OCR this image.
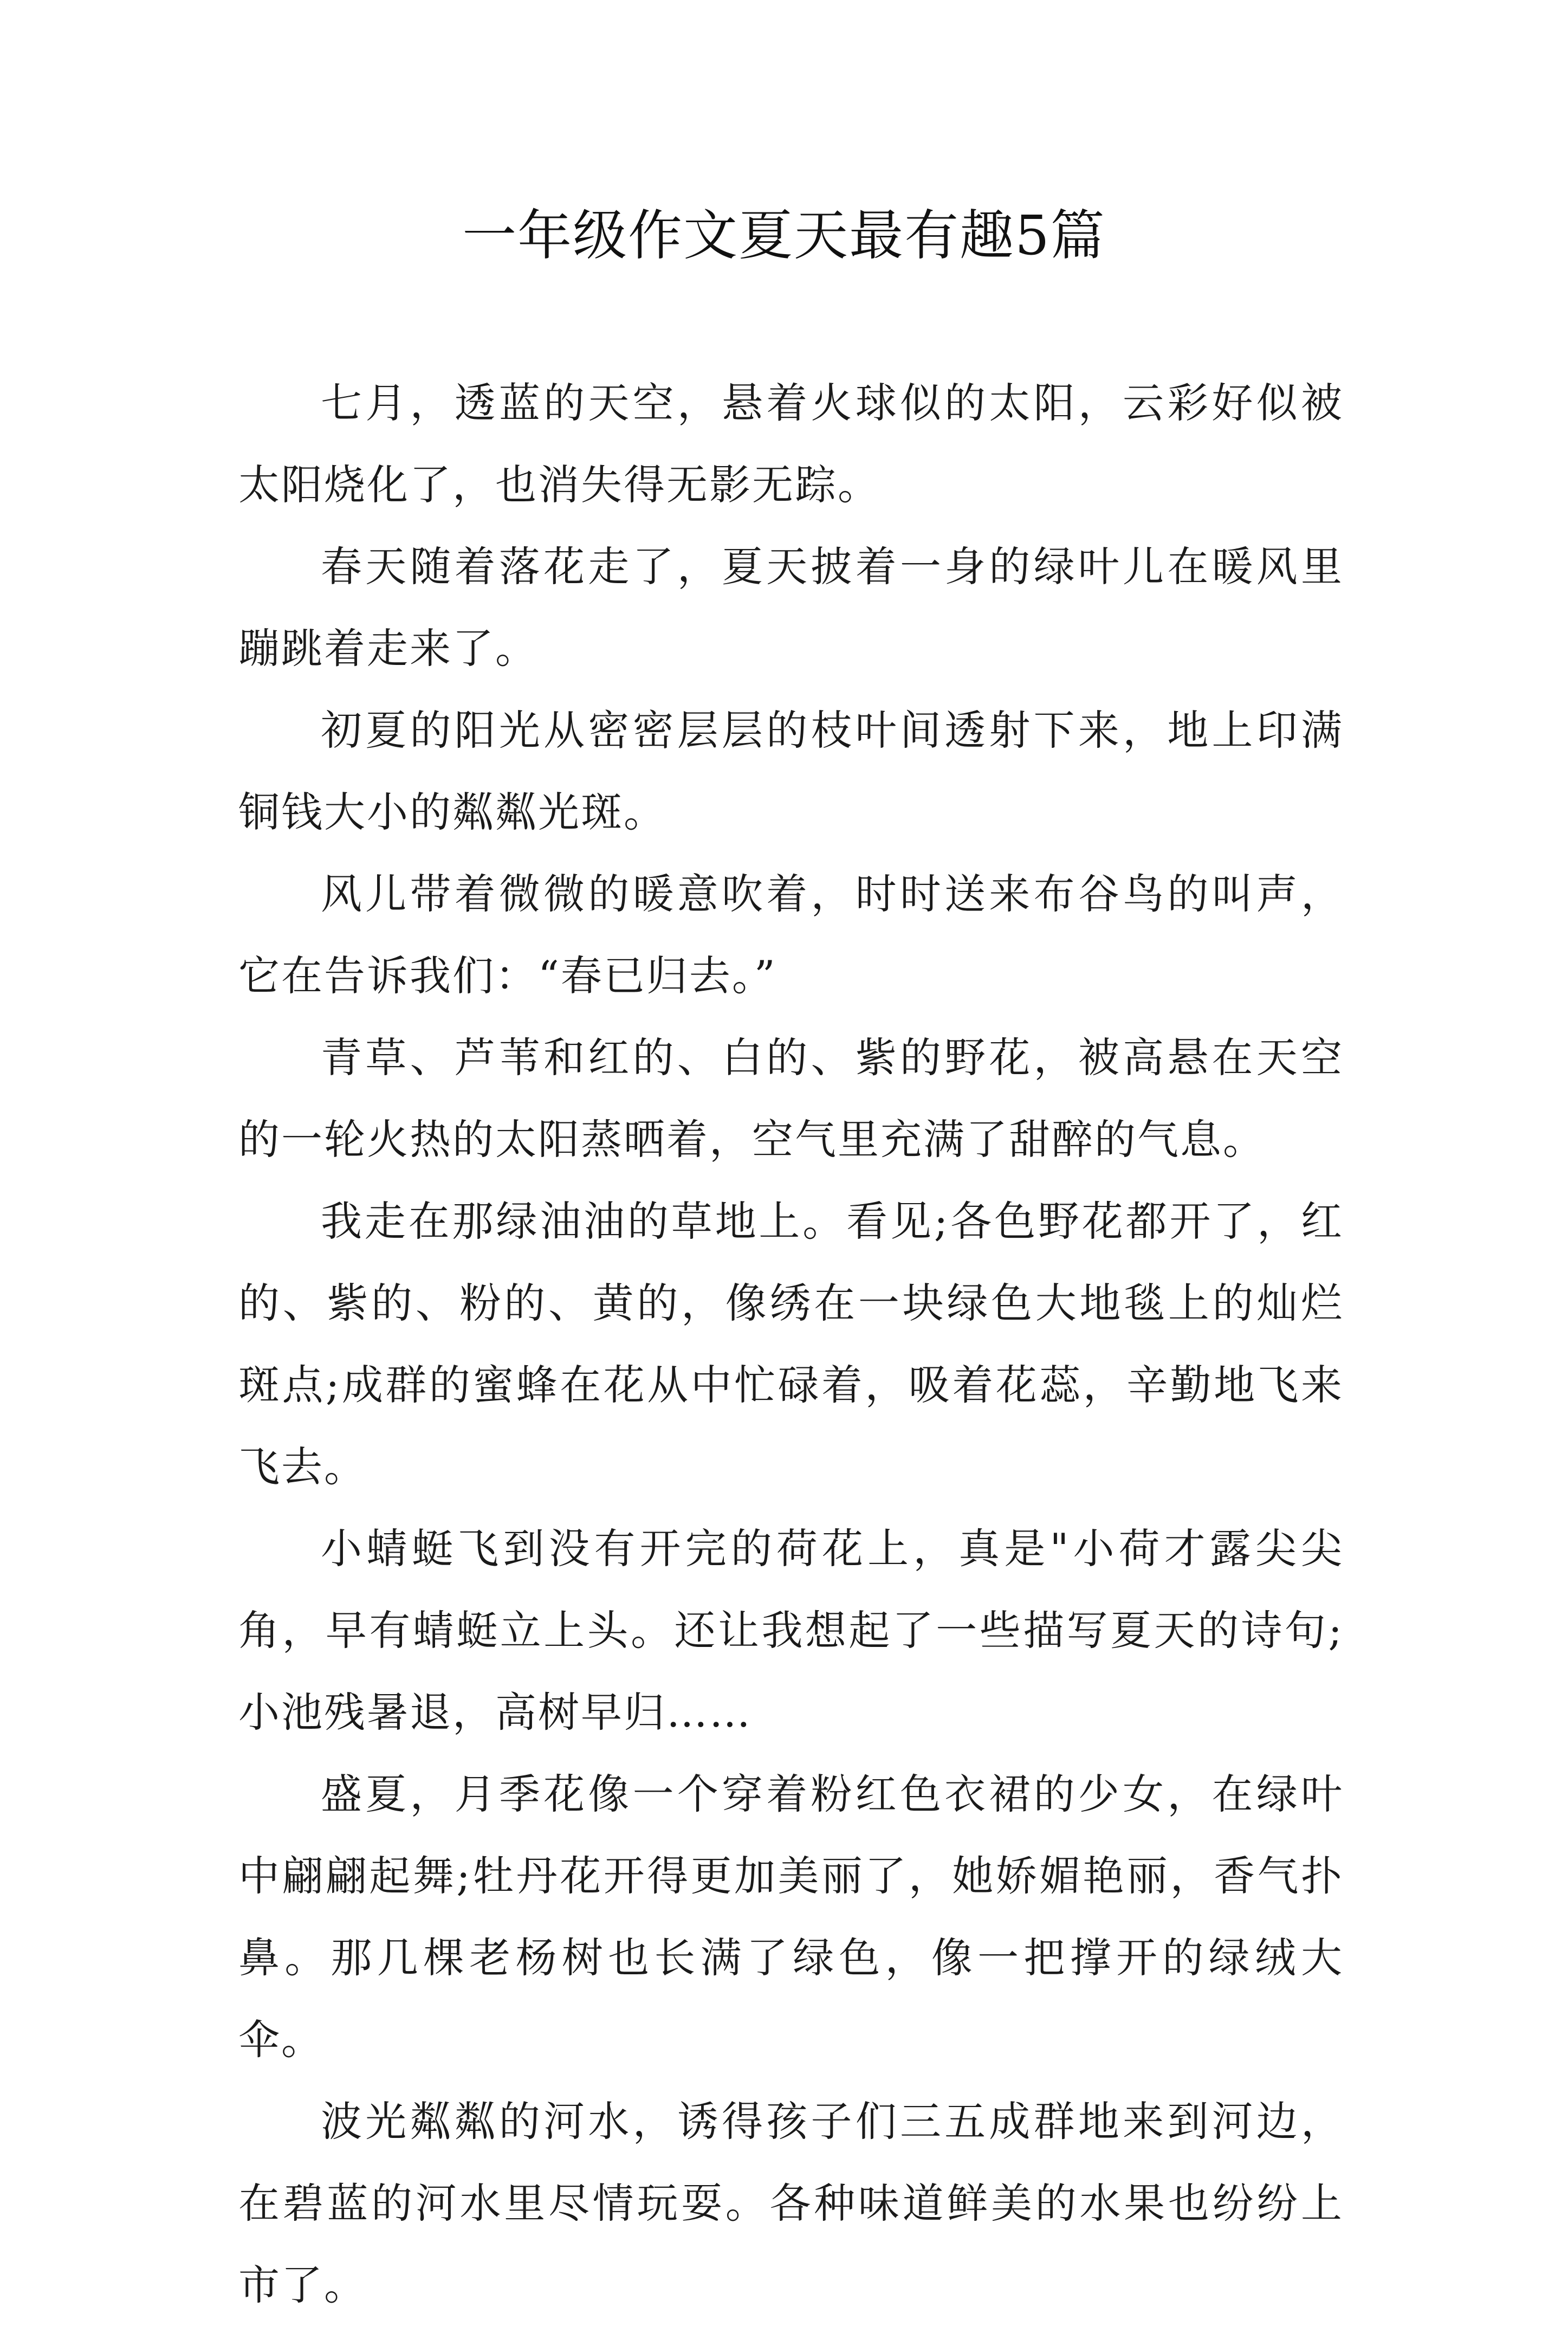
一年级作文夏天最有趣5篇

七月，透蓝的天空，悬着火球似的太阳，云彩好似被太阳烧化了，也消失得无影无踪。

春天随着落花走了，夏天披着一身的绿叶儿在暖风里蹦跳着走来了。

初夏的阳光从密密层层的枝叶间透射下来，地上印满铜钱大小的粼粼光斑。

风儿带着微微的暖意吹着，时时送来布谷鸟的叫声，它在告诉我们：“春已归去。”

青草、芦苇和红的、白的、紫的野花，被高悬在天空的一轮火热的太阳蒸晒着，空气里充满了甜醉的气息。

我走在那绿油油的草地上。看见;各色野花都开了，红的、紫的、粉的、黄的，像绣在一块绿色大地毯上的灿烂斑点;成群的蜜蜂在花从中忙碌着，吸着花蕊，辛勤地飞来飞去。

小蜻蜓飞到没有开完的荷花上，真是"小荷才露尖尖角，早有蜻蜓立上头。还让我想起了一些描写夏天的诗句;小池残暑退，高树早归……

盛夏，月季花像一个穿着粉红色衣裙的少女，在绿叶中翩翩起舞;牡丹花开得更加美丽了，她娇媚艳丽，香气扑鼻。那几棵老杨树也长满了绿色，像一把撑开的绿绒大伞。

波光粼粼的河水，诱得孩子们三五成群地来到河边，在碧蓝的河水里尽情玩耍。各种味道鲜美的水果也纷纷上市了。
